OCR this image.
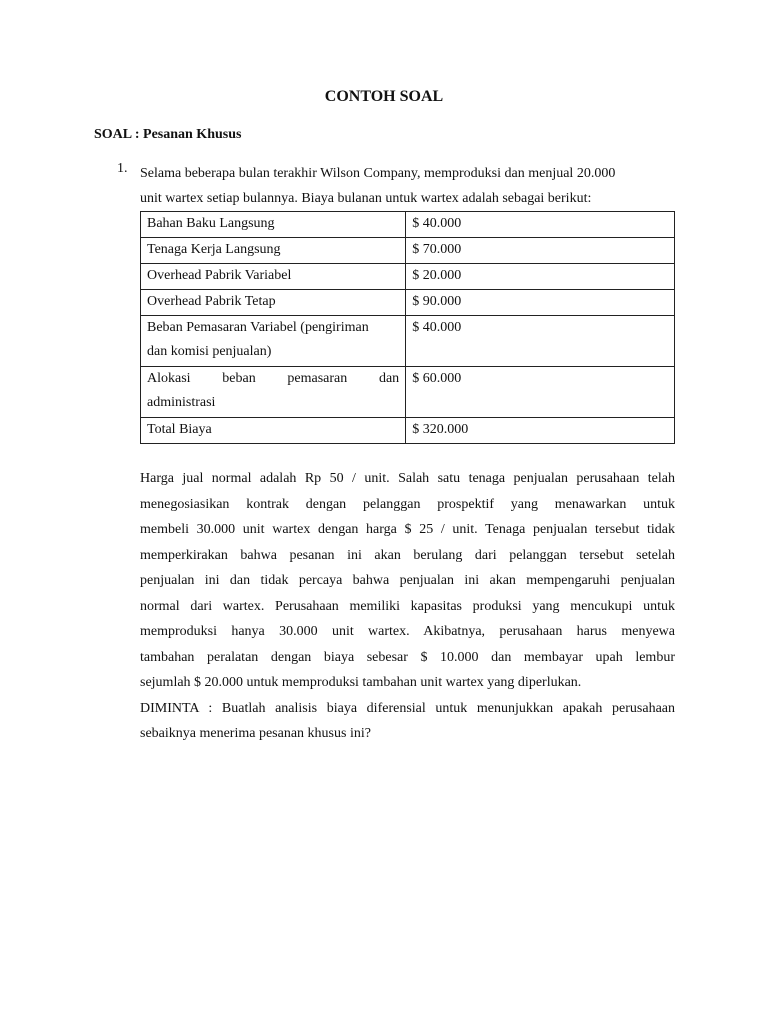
CONTOH SOAL
SOAL : Pesanan Khusus
1. Selama beberapa bulan terakhir Wilson Company, memproduksi dan menjual 20.000
unit wartex setiap bulannya. Biaya bulanan untuk wartex adalah sebagai berikut:
Bahan Baku Langsung	$ 40.000
Tenaga Kerja Langsung	$ 70.000
Overhead Pabrik Variabel	$ 20.000
Overhead Pabrik Tetap	$ 90.000

Beban Pemasaran Variabel (pengiriman
dan komisi penjualan)	$ 40.000

Alokasi beban pemasaran dan
administrasi	$ 60.000
Total Biaya	$ 320.000
Harga jual normal adalah Rp 50 / unit. Salah satu tenaga penjualan perusahaan telah
menegosiasikan kontrak dengan pelanggan prospektif yang menawarkan untuk
membeli 30.000 unit wartex dengan harga $ 25 / unit. Tenaga penjualan tersebut tidak
memperkirakan bahwa pesanan ini akan berulang dari pelanggan tersebut setelah
penjualan ini dan tidak percaya bahwa penjualan ini akan mempengaruhi penjualan
normal dari wartex. Perusahaan memiliki kapasitas produksi yang mencukupi untuk
memproduksi hanya 30.000 unit wartex. Akibatnya, perusahaan harus menyewa
tambahan peralatan dengan biaya sebesar $ 10.000 dan membayar upah lembur
sejumlah $ 20.000 untuk memproduksi tambahan unit wartex yang diperlukan.
DIMINTA : Buatlah analisis biaya diferensial untuk menunjukkan apakah perusahaan
sebaiknya menerima pesanan khusus ini?
